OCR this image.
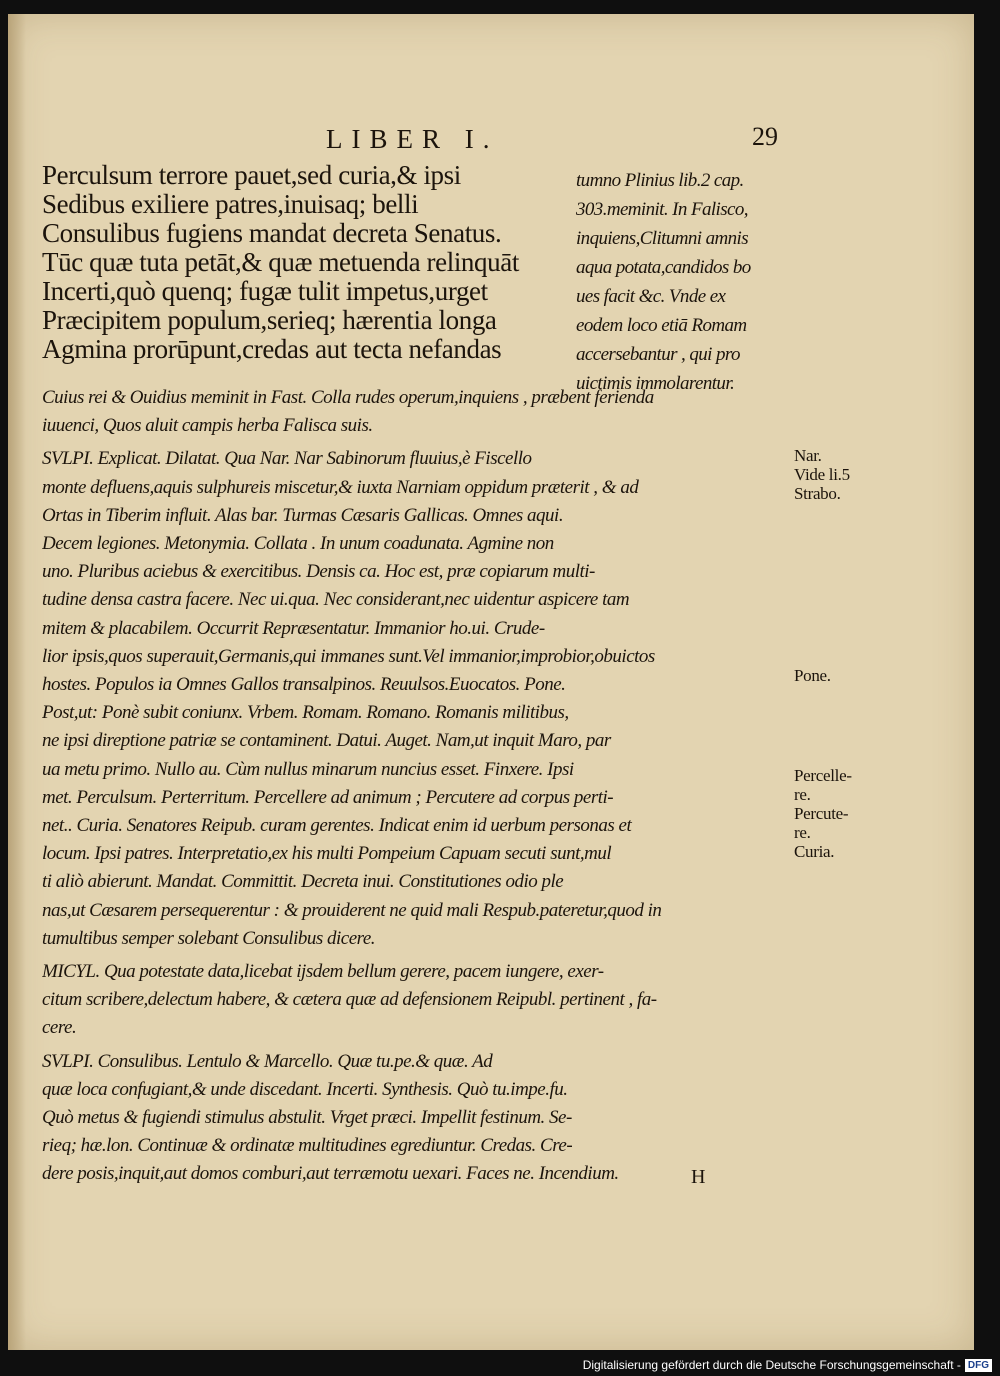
LIBER I.	29
Perculsum terrore pauet,sed curia,& ipsi
Sedibus exiliere patres,inuisaq; belli
Consulibus fugiens mandat decreta Senatus.
Tūc quæ tuta petāt,& quæ metuenda relinquāt
Incerti,quò quenq; fugæ tulit impetus,urget
Præcipitem populum,serieq; hærentia longa
Agmina prorūpunt,credas aut tecta nefandas
tumno Plinius lib.2 cap.
303.meminit. In Falisco,
inquiens,Clitumni amnis
aqua potata,candidos bo
ues facit &c. Vnde ex
eodem loco etiā Romam
accersebantur , qui pro
uictimis immolarentur.
Cuius rei & Ouidius meminit in Fast. Colla rudes operum,inquiens , præbent ferienda
iuuenci, Quos aluit campis herba Falisca suis.
SVLPI. Explicat. Dilatat. Qua Nar. Nar Sabinorum fluuius,è Fiscello
monte defluens,aquis sulphureis miscetur,& iuxta Narniam oppidum præterit , & ad
Ortas in Tiberim influit. Alas bar. Turmas Cæsaris Gallicas. Omnes aqui.
Decem legiones. Metonymia. Collata . In unum coadunata. Agmine non
uno. Pluribus aciebus & exercitibus. Densis ca. Hoc est, præ copiarum multi-
tudine densa castra facere. Nec ui.qua. Nec considerant,nec uidentur aspicere tam
mitem & placabilem. Occurrit Repræsentatur. Immanior ho.ui. Crude-
lior ipsis,quos superauit,Germanis,qui immanes sunt.Vel immanior,improbior,obuictos
hostes. Populos ia Omnes Gallos transalpinos. Reuulsos.Euocatos. Pone.
Post,ut: Ponè subit coniunx. Vrbem. Romam. Romano. Romanis militibus,
ne ipsi direptione patriæ se contaminent. Datui. Auget. Nam,ut inquit Maro, par
ua metu primo. Nullo au. Cùm nullus minarum nuncius esset. Finxere. Ipsi
met. Perculsum. Perterritum. Percellere ad animum ; Percutere ad corpus perti-
net.. Curia. Senatores Reipub. curam gerentes. Indicat enim id uerbum personas et
locum. Ipsi patres. Interpretatio,ex his multi Pompeium Capuam secuti sunt,mul
ti aliò abierunt. Mandat. Committit. Decreta inui. Constitutiones odio ple
nas,ut Cæsarem persequerentur : & prouiderent ne quid mali Respub.pateretur,quod in
tumultibus semper solebant Consulibus dicere.
MICYL. Qua potestate data,licebat ijsdem bellum gerere, pacem iungere, exer-
citum scribere,delectum habere, & cætera quæ ad defensionem Reipubl. pertinent , fa-
cere.
SVLPI. Consulibus. Lentulo & Marcello. Quæ tu.pe.& quæ. Ad
quæ loca confugiant,& unde discedant. Incerti. Synthesis. Quò tu.impe.fu.
Quò metus & fugiendi stimulus abstulit. Vrget præci. Impellit festinum. Se-
rieq; hæ.lon. Continuæ & ordinatæ multitudines egrediuntur. Credas. Cre-
dere posis,inquit,aut domos comburi,aut terræmotu uexari. Faces ne. Incendium.
Nar.
Vide li.5
Strabo.
Pone.
Percelle-
re.
Percute-
re.
Curia.
H
Digitalisierung gefördert durch die Deutsche Forschungsgemeinschaft - DFG
